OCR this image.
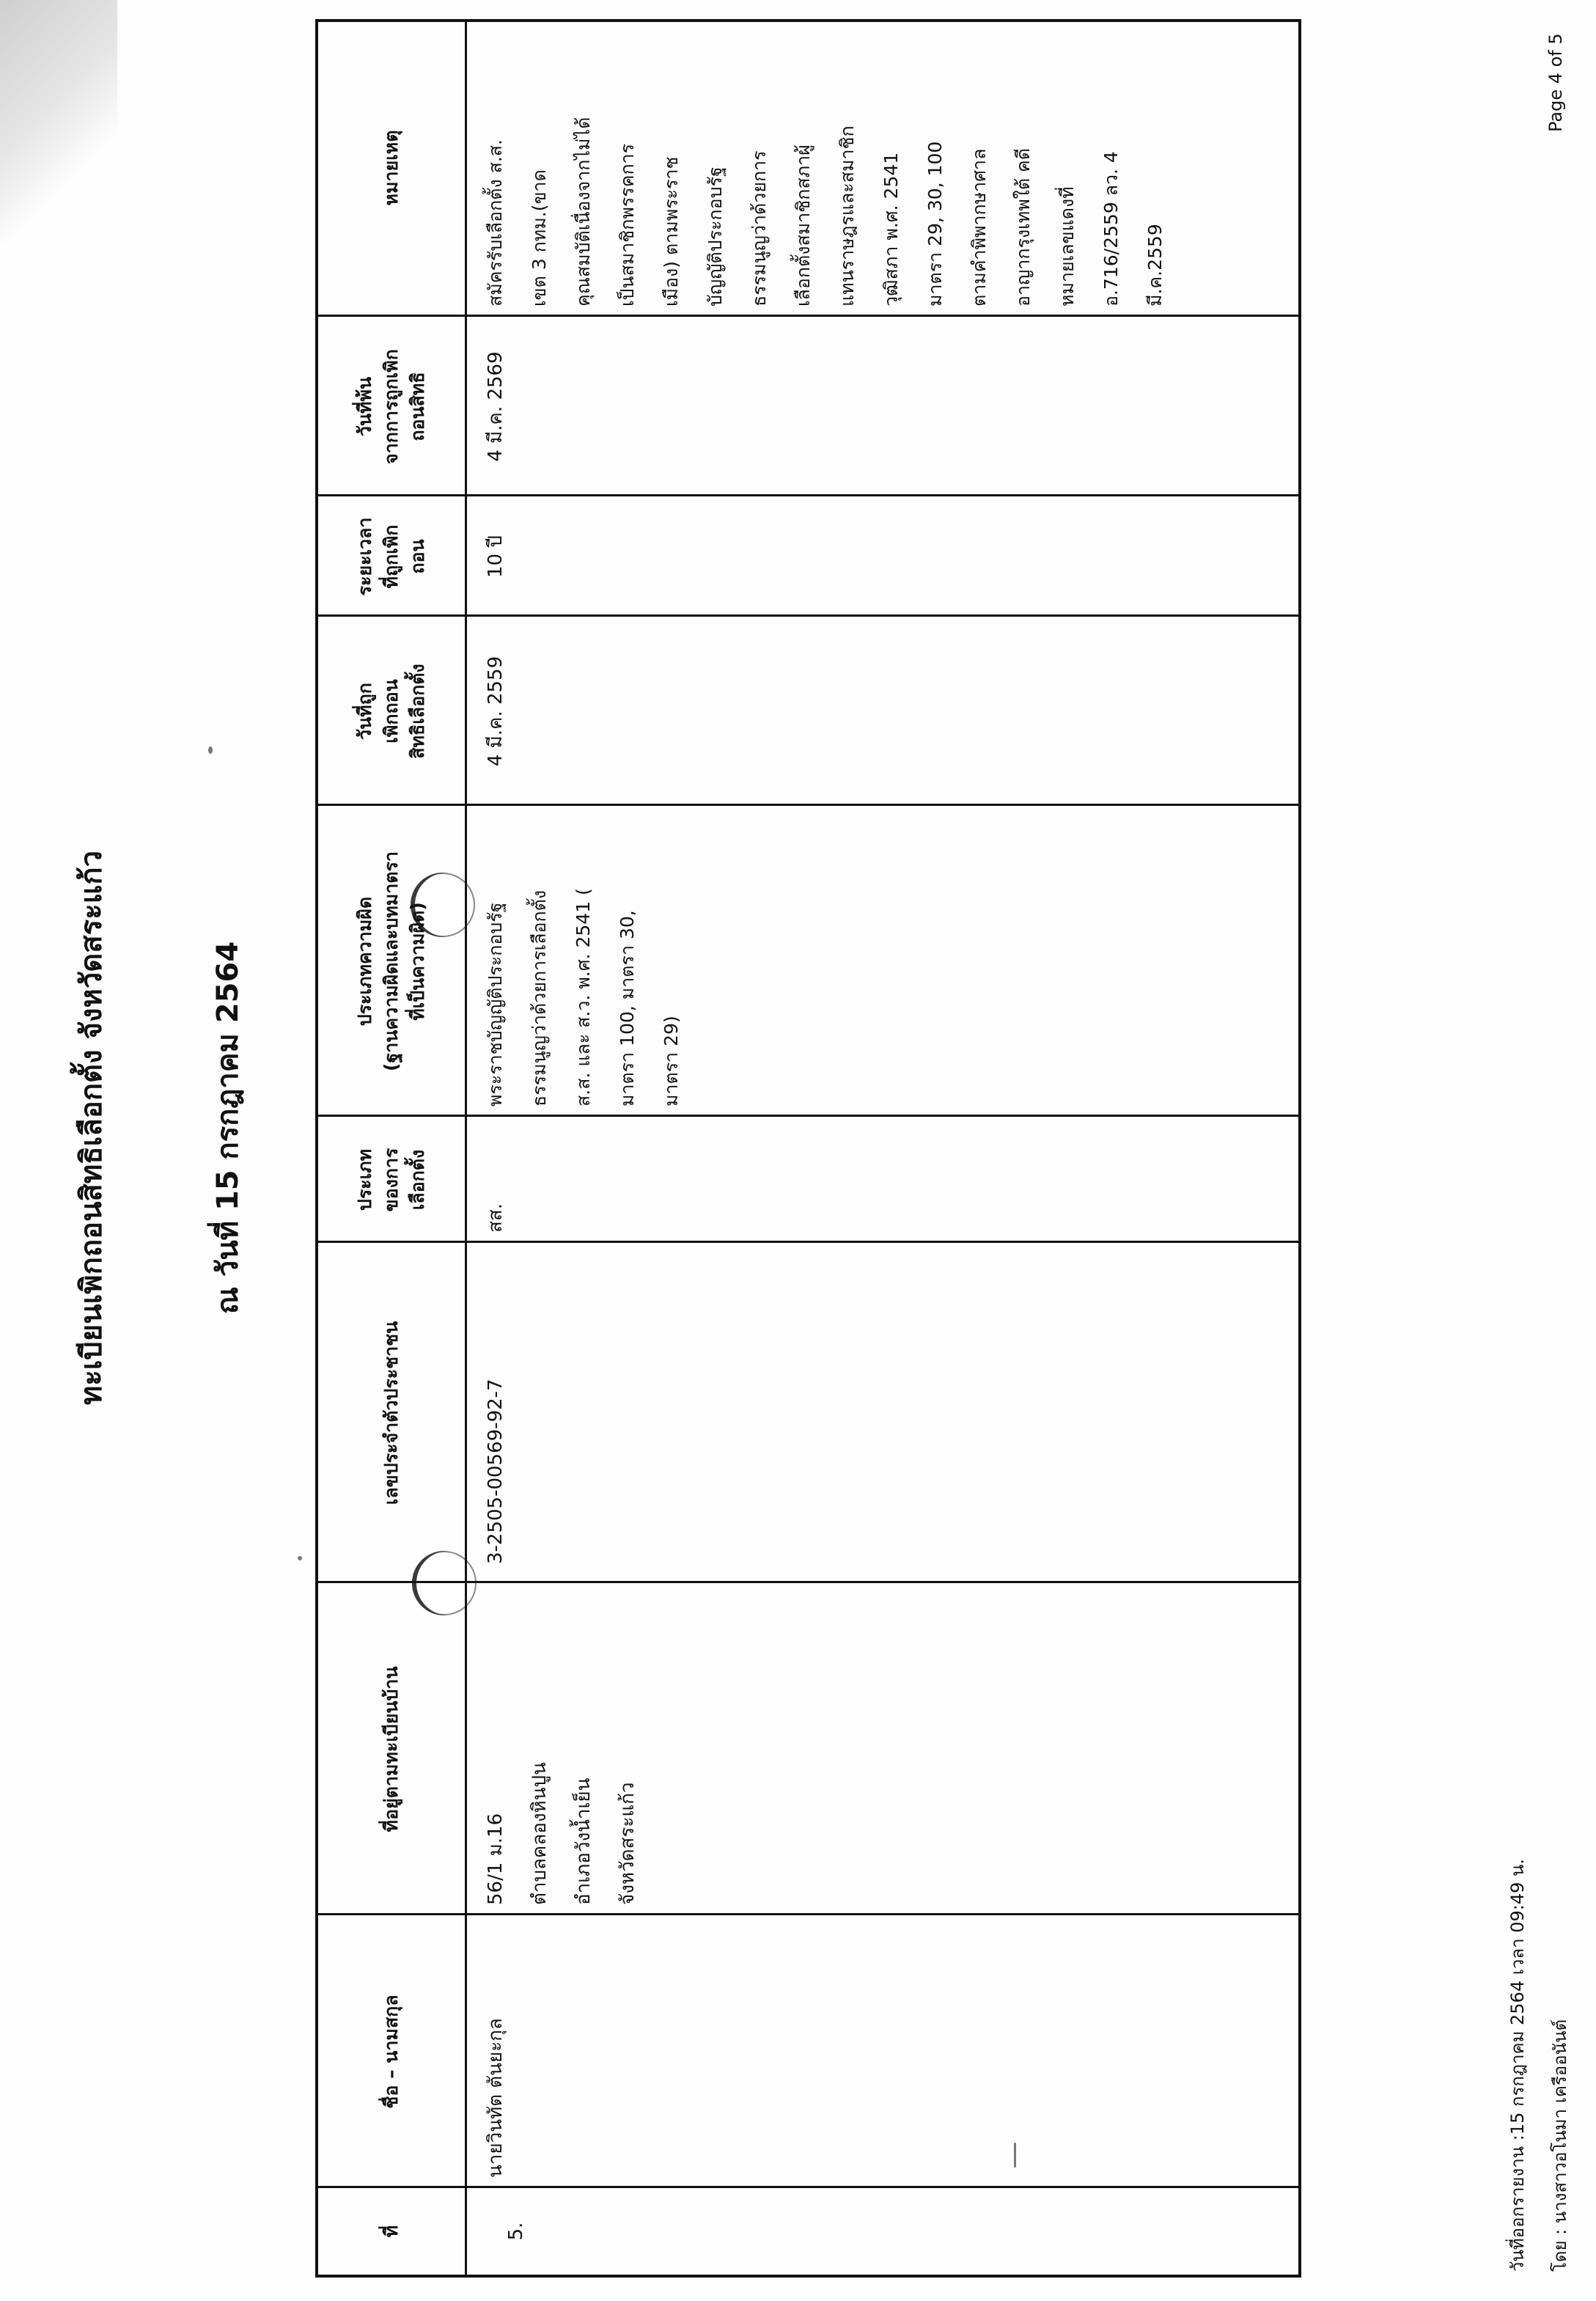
ทะเบียนเพิกถอนสิทธิเลือกตั้ง จังหวัดสระแก้ว	ณ วันที่ 15 กรกฎาคม 2564
ที่
ชื่อ – นามสกุล
ที่อยู่ตามทะเบียนบ้าน
เลขประจำตัวประชาชน
ประเภท
ของการ
เลือกตั้ง
ประเภทความผิด
(ฐานความผิดและบทมาตรา
ที่เป็นความผิด)
วันที่ถูก
เพิกถอน
สิทธิเลือกตั้ง
ระยะเวลา
ที่ถูกเพิก
ถอน
วันที่พ้น
จากการถูกเพิก
ถอนสิทธิ
หมายเหตุ
5.
นายวินทัต ตันยะกุล
56/1 ม.16
ตำบลคลองหินปูน
อำเภอวังน้ำเย็น
จังหวัดสระแก้ว
3-2505-00569-92-7
สส.
พระราชบัญญัติประกอบรัฐ
ธรรมนูญว่าด้วยการเลือกตั้ง
ส.ส. และ ส.ว. พ.ศ. 2541 (
มาตรา 100, มาตรา 30,
มาตรา 29)
4 มี.ค. 2559
10 ปี
4 มี.ค. 2569
สมัครรับเลือกตั้ง ส.ส.
เขต 3 กทม.(ขาด
คุณสมบัติเนื่องจากไม่ได้
เป็นสมาชิกพรรคการ
เมือง) ตามพระราช
บัญญัติประกอบรัฐ
ธรรมนูญว่าด้วยการ
เลือกตั้งสมาชิกสภาผู้
แทนราษฎรและสมาชิก
วุฒิสภา พ.ศ. 2541
มาตรา 29, 30, 100
ตามคำพิพากษาศาล
อาญากรุงเทพใต้ คดี
หมายเลขแดงที่
อ.716/2559 ลว. 4
มี.ค.2559
วันที่ออกรายงาน :15 กรกฎาคม 2564 เวลา 09:49 น. โดย : นางสาวอโนมา เครืออนันต์
Page 4 of 5
